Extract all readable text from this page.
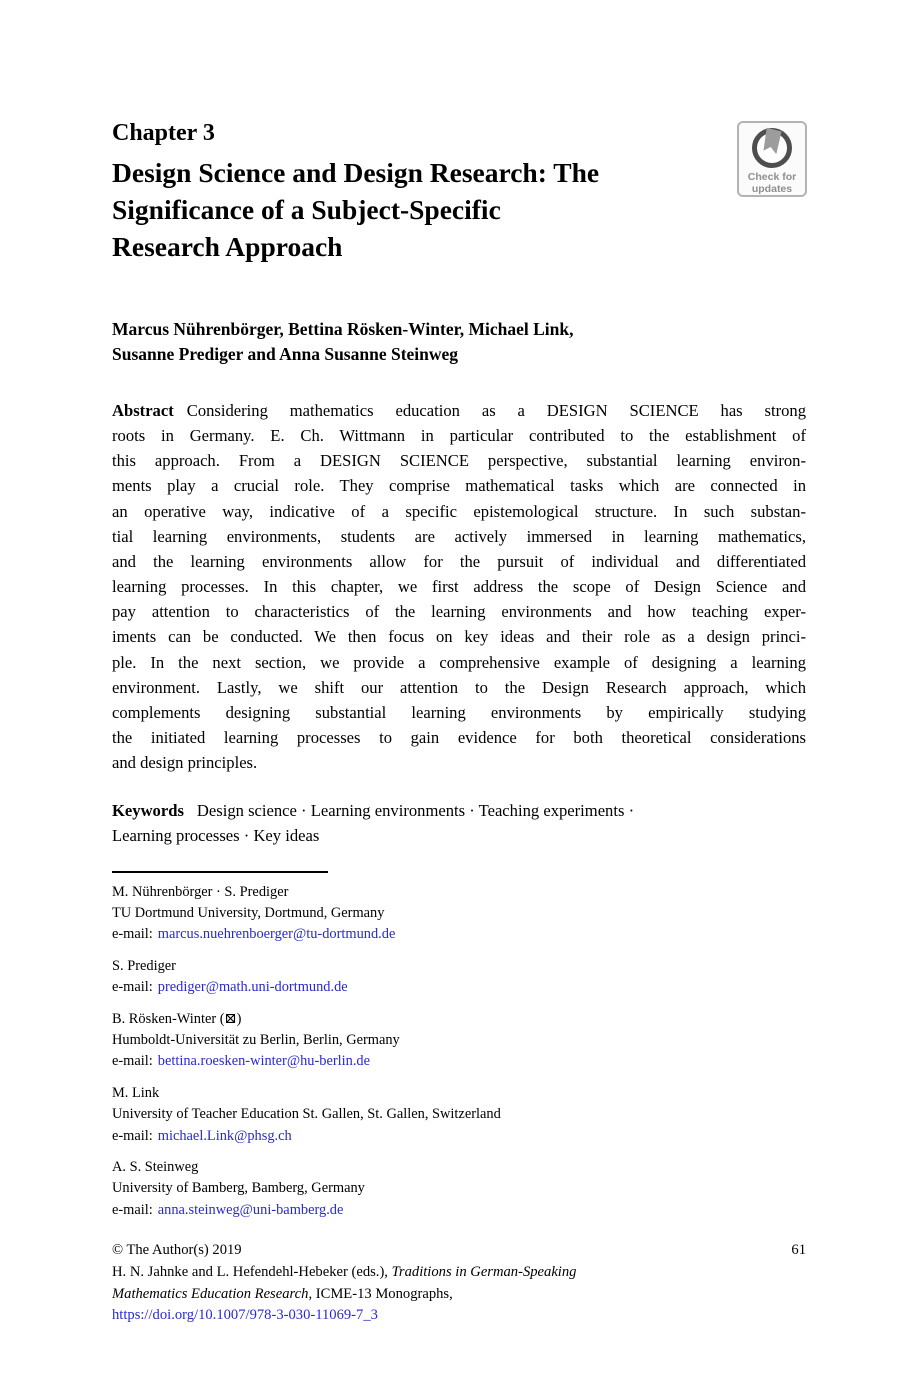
Check for
updates
Chapter 3
Design Science and Design Research: The
Significance of a Subject-Specific
Research Approach
Marcus Nührenbörger, Bettina Rösken-Winter, Michael Link,
Susanne Prediger and Anna Susanne Steinweg
Abstract Considering mathematics education as a DESIGN SCIENCE has strong
roots in Germany. E. Ch. Wittmann in particular contributed to the establishment of
this approach. From a DESIGN SCIENCE perspective, substantial learning environ-
ments play a crucial role. They comprise mathematical tasks which are connected in
an operative way, indicative of a specific epistemological structure. In such substan-
tial learning environments, students are actively immersed in learning mathematics,
and the learning environments allow for the pursuit of individual and differentiated
learning processes. In this chapter, we first address the scope of Design Science and
pay attention to characteristics of the learning environments and how teaching exper-
iments can be conducted. We then focus on key ideas and their role as a design princi-
ple. In the next section, we provide a comprehensive example of designing a learning
environment. Lastly, we shift our attention to the Design Research approach, which
complements designing substantial learning environments by empirically studying
the initiated learning processes to gain evidence for both theoretical considerations
and design principles.
Keywords Design science · Learning environments · Teaching experiments ·
Learning processes · Key ideas
M. Nührenbörger · S. Prediger
TU Dortmund University, Dortmund, Germany
e-mail: marcus.nuehrenboerger@tu-dortmund.de
S. Prediger
e-mail: prediger@math.uni-dortmund.de
B. Rösken-Winter (⊠)
Humboldt-Universität zu Berlin, Berlin, Germany
e-mail: bettina.roesken-winter@hu-berlin.de
M. Link
University of Teacher Education St. Gallen, St. Gallen, Switzerland
e-mail: michael.Link@phsg.ch
A. S. Steinweg
University of Bamberg, Bamberg, Germany
e-mail: anna.steinweg@uni-bamberg.de
© The Author(s) 2019	61
H. N. Jahnke and L. Hefendehl-Hebeker (eds.), Traditions in German-Speaking
Mathematics Education Research, ICME-13 Monographs,
https://doi.org/10.1007/978-3-030-11069-7_3
